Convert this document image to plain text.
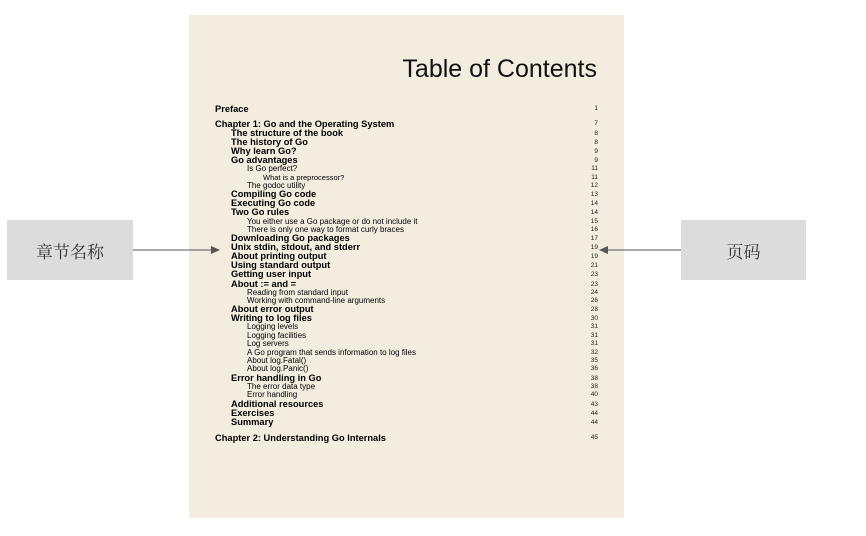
Table of Contents
Preface	1
Chapter 1: Go and the Operating System	7
The structure of the book	8
The history of Go	8
Why learn Go?	9
Go advantages	9
Is Go perfect?	11
What is a preprocessor?	11
The godoc utility	12
Compiling Go code	13
Executing Go code	14
Two Go rules	14
You either use a Go package or do not include it	15
There is only one way to format curly braces	16
Downloading Go packages	17
Unix stdin, stdout, and stderr	19
About printing output	19
Using standard output	21
Getting user input	23
About := and =	23
Reading from standard input	24
Working with command-line arguments	26
About error output	28
Writing to log files	30
Logging levels	31
Logging facilities	31
Log servers	31
A Go program that sends information to log files	32
About log.Fatal()	35
About log.Panic()	36
Error handling in Go	38
The error data type	38
Error handling	40
Additional resources	43
Exercises	44
Summary	44
Chapter 2: Understanding Go Internals	45
章节名称	页码
